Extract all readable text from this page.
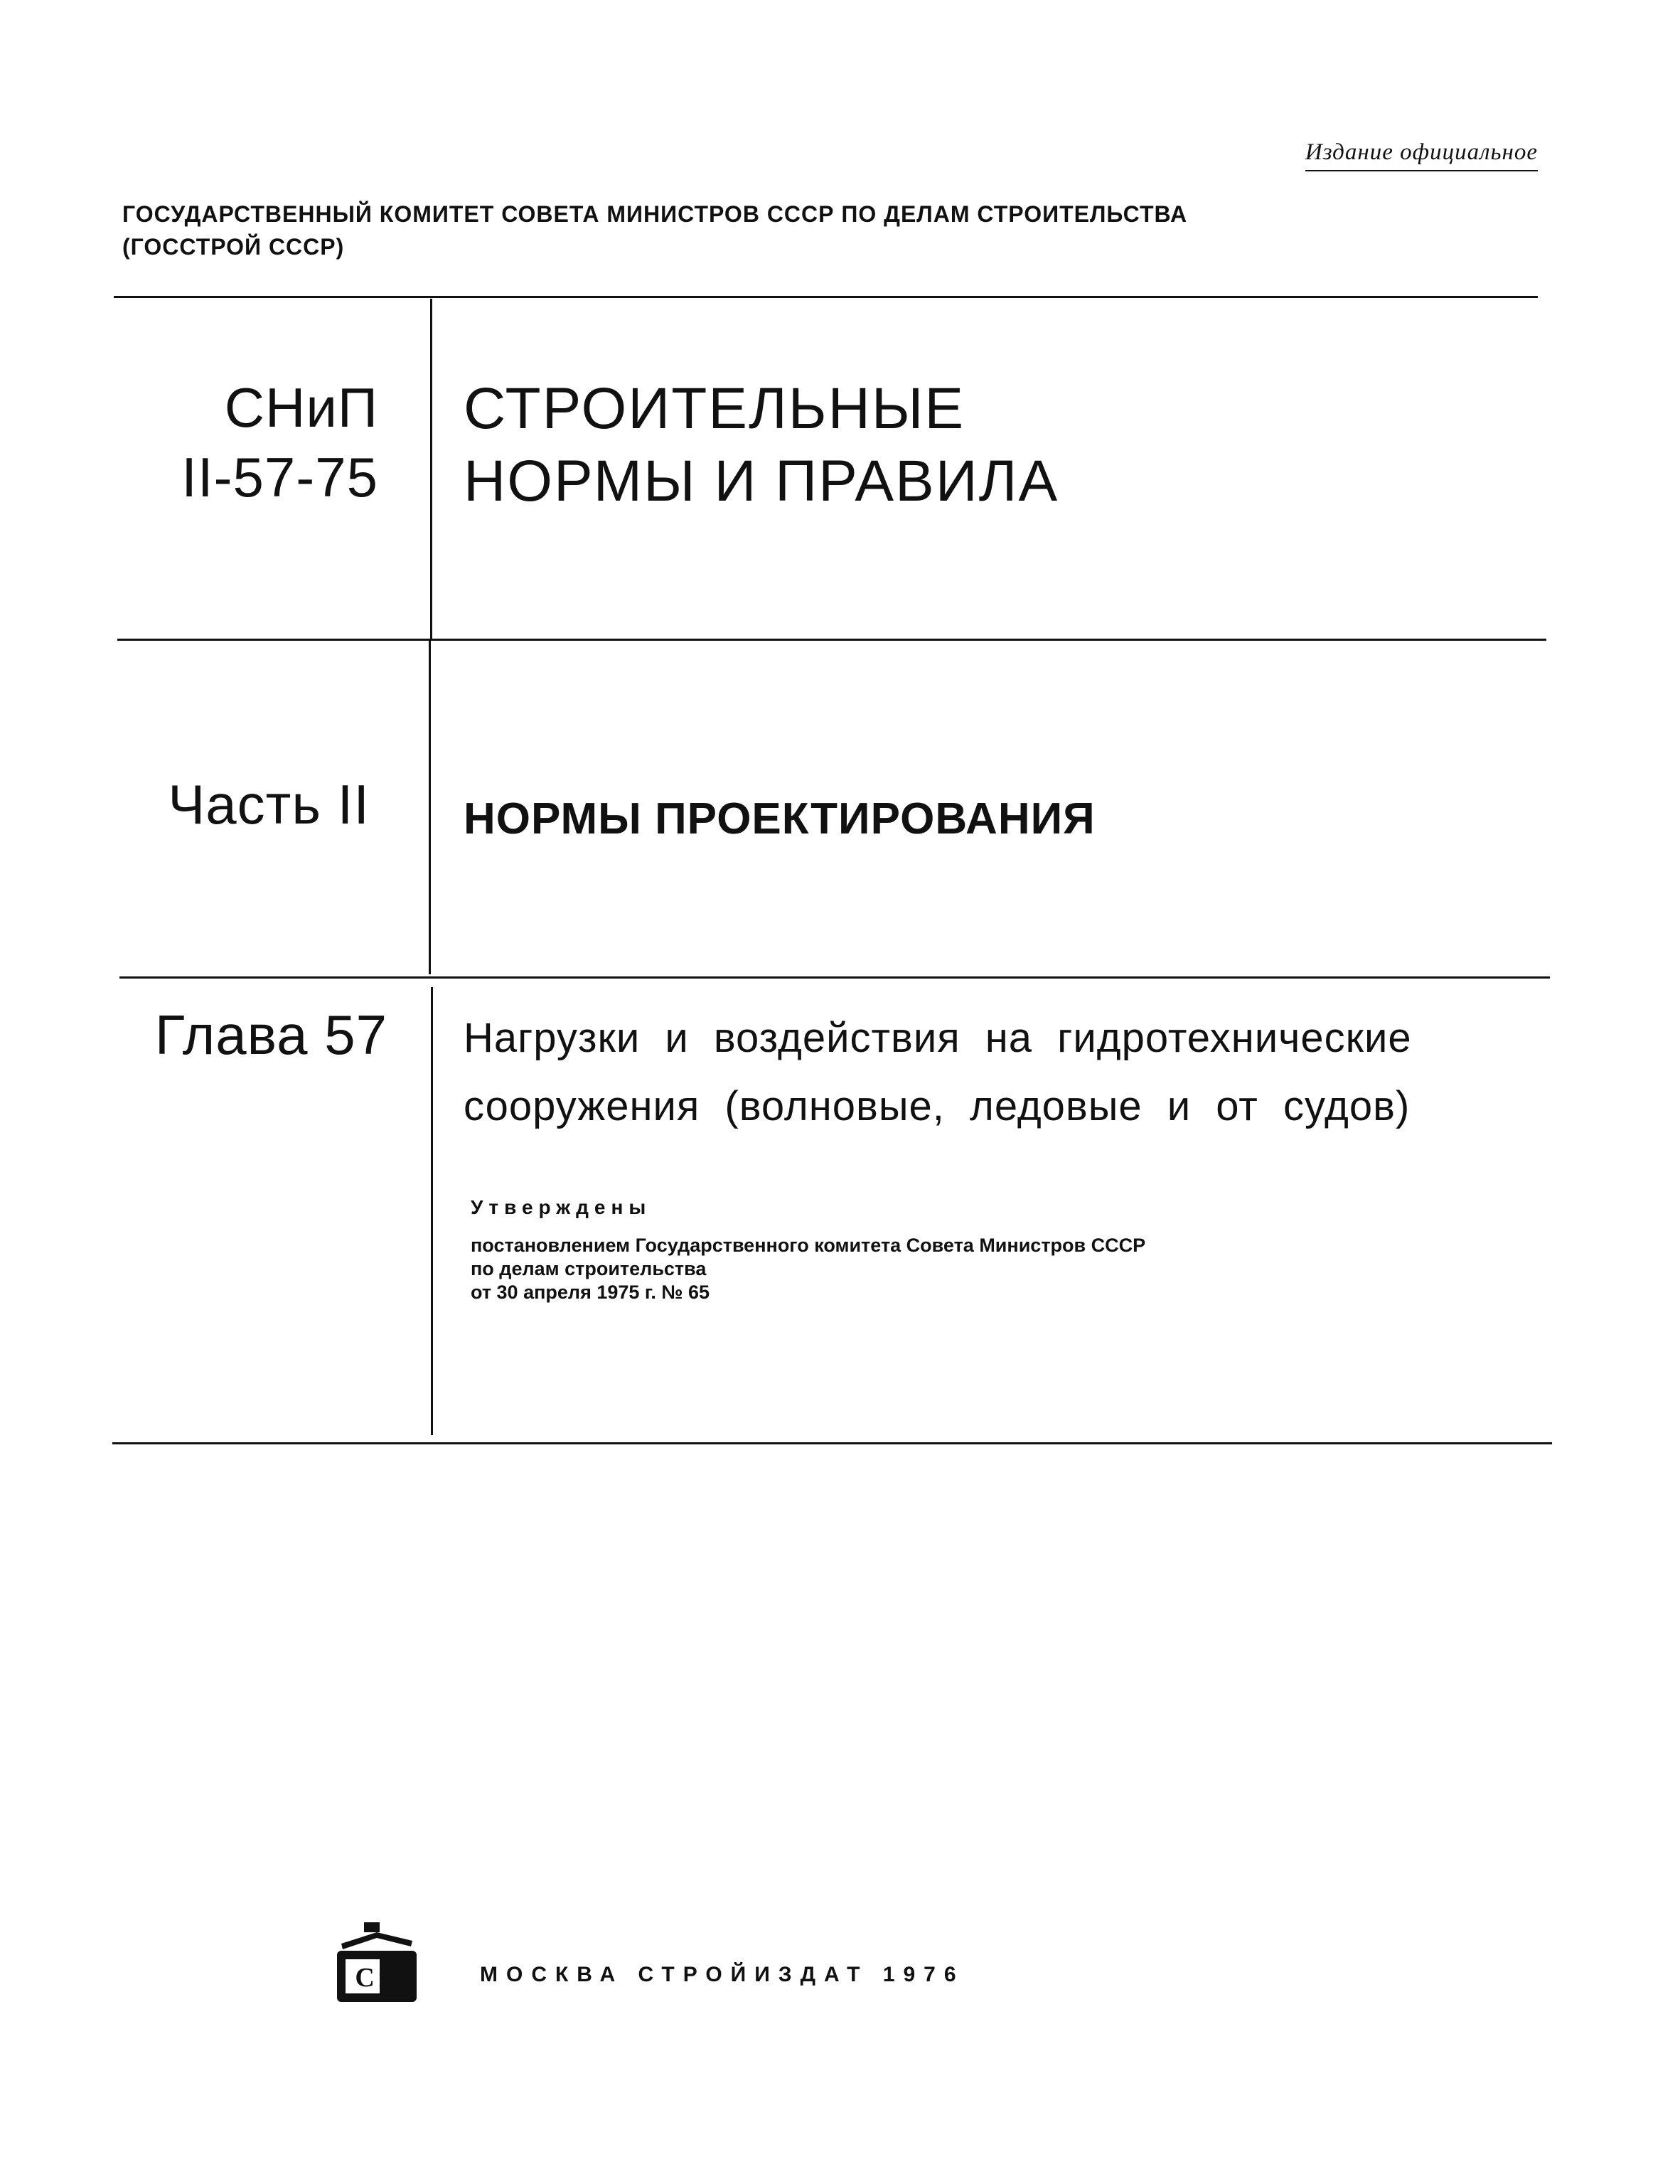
Издание официальное
ГОСУДАРСТВЕННЫЙ КОМИТЕТ СОВЕТА МИНИСТРОВ СССР ПО ДЕЛАМ СТРОИТЕЛЬСТВА
(ГОССТРОЙ СССР)
СНиП
II-57-75
СТРОИТЕЛЬНЫЕ
НОРМЫ И ПРАВИЛА
Часть II НОРМЫ ПРОЕКТИРОВАНИЯ
Глава 57 Нагрузки и воздействия на гидротехнические
сооружения (волновые, ледовые и от судов)
Утверждены
постановлением Государственного комитета Совета Министров СССР
по делам строительства
от 30 апреля 1975 г. № 65
Сп	МОСКВА СТРОЙИЗДАТ 1976
